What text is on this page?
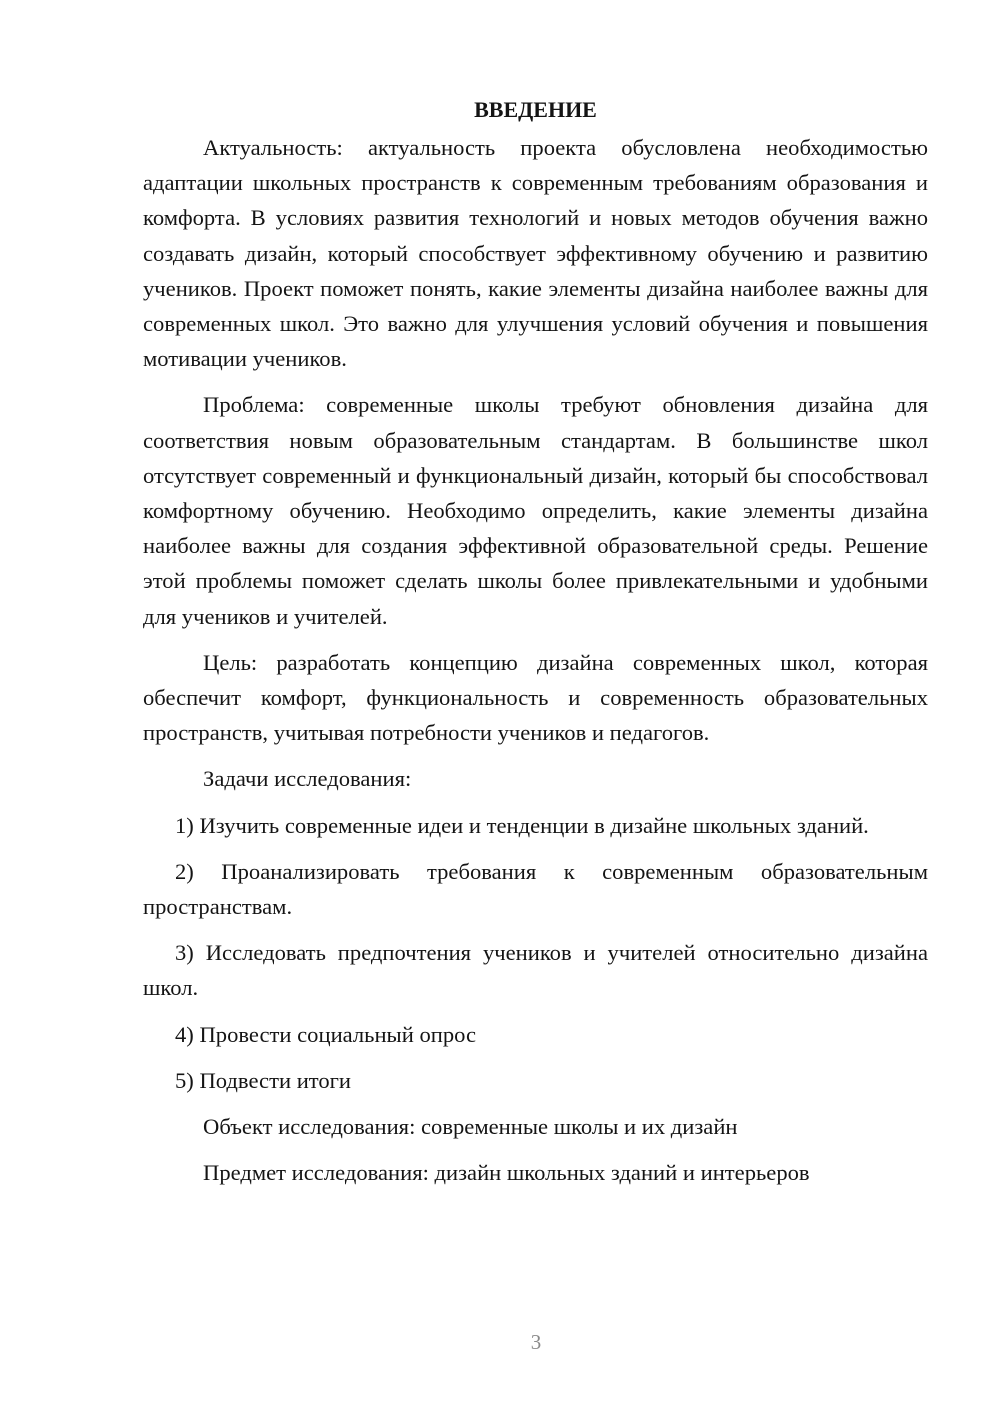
ВВЕДЕНИЕ

Актуальность: актуальность проекта обусловлена необходимостью адаптации школьных пространств к современным требованиям образования и комфорта. В условиях развития технологий и новых методов обучения важно создавать дизайн, который способствует эффективному обучению и развитию учеников. Проект поможет понять, какие элементы дизайна наиболее важны для современных школ. Это важно для улучшения условий обучения и повышения мотивации учеников.

Проблема: современные школы требуют обновления дизайна для соответствия новым образовательным стандартам. В большинстве школ отсутствует современный и функциональный дизайн, который бы способствовал комфортному обучению. Необходимо определить, какие элементы дизайна наиболее важны для создания эффективной образовательной среды. Решение этой проблемы поможет сделать школы более привлекательными и удобными для учеников и учителей.

Цель: разработать концепцию дизайна современных школ, которая обеспечит комфорт, функциональность и современность образовательных пространств, учитывая потребности учеников и педагогов.

Задачи исследования:

1) Изучить современные идеи и тенденции в дизайне школьных зданий.

2) Проанализировать требования к современным образовательным пространствам.

3) Исследовать предпочтения учеников и учителей относительно дизайна школ.

4) Провести социальный опрос

5) Подвести итоги

Объект исследования: современные школы и их дизайн

Предмет исследования: дизайн школьных зданий и интерьеров

3
